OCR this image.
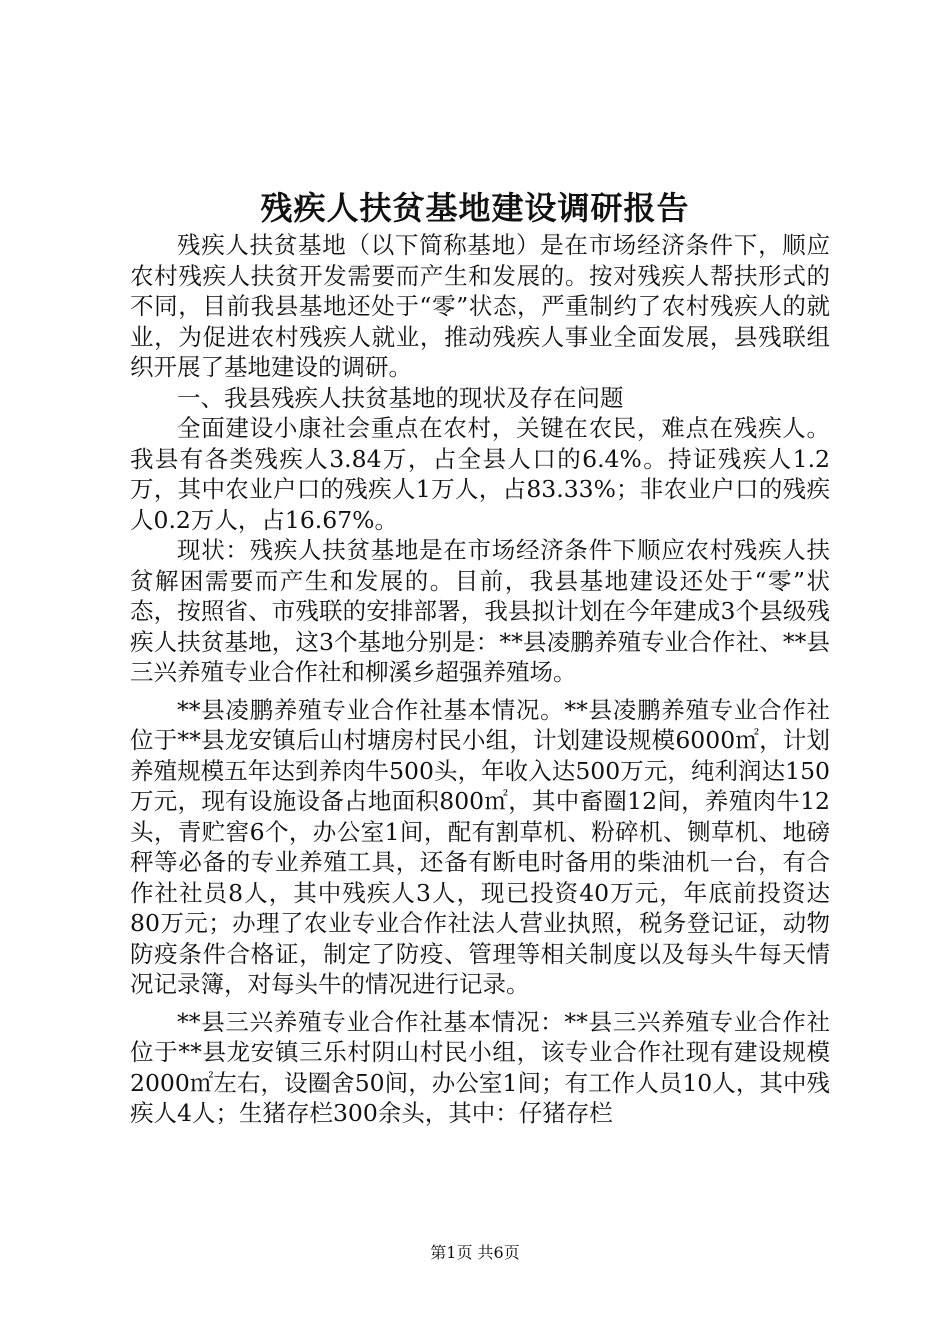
残疾人扶贫基地建设调研报告

残疾人扶贫基地（以下简称基地）是在市场经济条件下，顺应农村残疾人扶贫开发需要而产生和发展的。按对残疾人帮扶形式的不同，目前我县基地还处于“零”状态，严重制约了农村残疾人的就业，为促进农村残疾人就业，推动残疾人事业全面发展，县残联组织开展了基地建设的调研。

一、我县残疾人扶贫基地的现状及存在问题

全面建设小康社会重点在农村，关键在农民，难点在残疾人。我县有各类残疾人3.84万，占全县人口的6.4%。持证残疾人1.2万，其中农业户口的残疾人1万人，占83.33%；非农业户口的残疾人0.2万人，占16.67%。

现状：残疾人扶贫基地是在市场经济条件下顺应农村残疾人扶贫解困需要而产生和发展的。目前，我县基地建设还处于“零”状态，按照省、市残联的安排部署，我县拟计划在今年建成3个县级残疾人扶贫基地，这3个基地分别是：**县凌鹏养殖专业合作社、**县三兴养殖专业合作社和柳溪乡超强养殖场。

**县凌鹏养殖专业合作社基本情况。**县凌鹏养殖专业合作社位于**县龙安镇后山村塘房村民小组，计划建设规模6000㎡，计划养殖规模五年达到养肉牛500头，年收入达500万元，纯利润达150万元，现有设施设备占地面积800㎡，其中畜圈12间，养殖肉牛12头，青贮窖6个，办公室1间，配有割草机、粉碎机、铡草机、地磅秤等必备的专业养殖工具，还备有断电时备用的柴油机一台，有合作社社员8人，其中残疾人3人，现已投资40万元，年底前投资达80万元；办理了农业专业合作社法人营业执照，税务登记证，动物防疫条件合格证，制定了防疫、管理等相关制度以及每头牛每天情况记录簿，对每头牛的情况进行记录。

**县三兴养殖专业合作社基本情况：**县三兴养殖专业合作社位于**县龙安镇三乐村阴山村民小组，该专业合作社现有建设规模2000㎡左右，设圈舍50间，办公室1间；有工作人员10人，其中残疾人4人；生猪存栏300余头，其中：仔猪存栏

第1页 共6页
